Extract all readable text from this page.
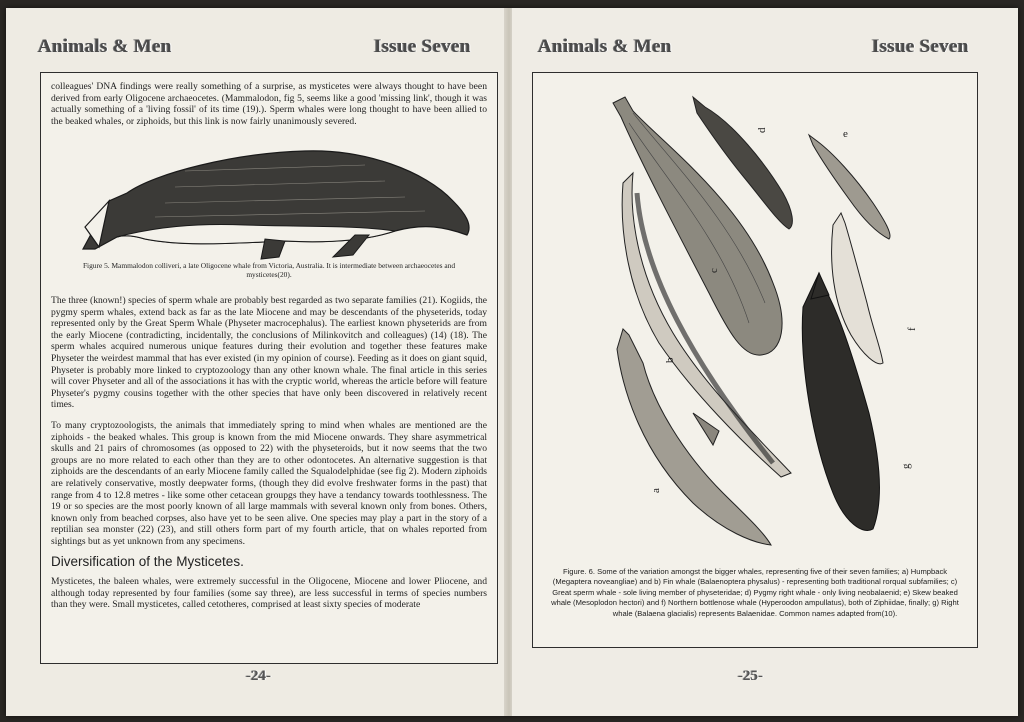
Animals & Men	Issue Seven

colleagues' DNA findings were really something of a surprise, as mysticetes were always thought to have been derived from early Oligocene archaeocetes. (Mammalodon, fig 5, seems like a good 'missing link', though it was actually something of a 'living fossil' of its time (19).). Sperm whales were long thought to have been allied to the beaked whales, or ziphoids, but this link is now fairly unanimously severed.

Figure 5. Mammalodon colliveri, a late Oligocene whale from Victoria, Australia. It is intermediate between archaeocetes and mysticetes(20).

The three (known!) species of sperm whale are probably best regarded as two separate families (21). Kogiids, the pygmy sperm whales, extend back as far as the late Miocene and may be descendants of the physeterids, today represented only by the Great Sperm Whale (Physeter macrocephalus). The earliest known physeterids are from the early Miocene (contradicting, incidentally, the conclusions of Milinkovitch and colleagues) (14) (18). The sperm whales acquired numerous unique features during their evolution and together these features make Physeter the weirdest mammal that has ever existed (in my opinion of course). Feeding as it does on giant squid, Physeter is probably more linked to cryptozoology than any other known whale. The final article in this series will cover Physeter and all of the associations it has with the cryptic world, whereas the article before will feature Physeter's pygmy cousins together with the other species that have only been discovered in relatively recent times.

To many cryptozoologists, the animals that immediately spring to mind when whales are mentioned are the ziphoids - the beaked whales. This group is known from the mid Miocene onwards. They share asymmetrical skulls and 21 pairs of chromosomes (as opposed to 22) with the physeteroids, but it now seems that the two groups are no more related to each other than they are to other odontocetes. An alternative suggestion is that ziphoids are the descendants of an early Miocene family called the Squalodelphidae (see fig 2). Modern ziphoids are relatively conservative, mostly deepwater forms, (though they did evolve freshwater forms in the past) that range from 4 to 12.8 metres - like some other cetacean groupgs they have a tendancy towards toothlessness. The 19 or so species are the most poorly known of all large mammals with several known only from bones. Others, known only from beached corpses, also have yet to be seen alive. One species may play a part in the story of a reptilian sea monster (22) (23), and still others form part of my fourth article, that on whales reported from sightings but as yet unknown from any specimens.

Diversification of the Mysticetes.

Mysticetes, the baleen whales, were extremely successful in the Oligocene, Miocene and lower Pliocene, and although today represented by four families (some say three), are less successful in terms of species numbers than they were. Small mysticetes, called cetotheres, comprised at least sixty species of moderate

-24-
Animals & Men	Issue Seven
a
b
c
d	e
f
g
Figure. 6. Some of the variation amongst the bigger whales, representing five of their seven families; a) Humpback (Megaptera noveangliae) and b) Fin whale (Balaenoptera physalus) - representing both traditional rorqual subfamilies; c) Great sperm whale - sole living member of physeteridae; d) Pygmy right whale - only living neobalaenid; e) Skew beaked whale (Mesoplodon hectori) and f) Northern bottlenose whale (Hyperoodon ampullatus), both of Ziphiidae, finally; g) Right whale (Balaena glacialis) represents Balaenidae. Common names adapted from(10).
-25-
